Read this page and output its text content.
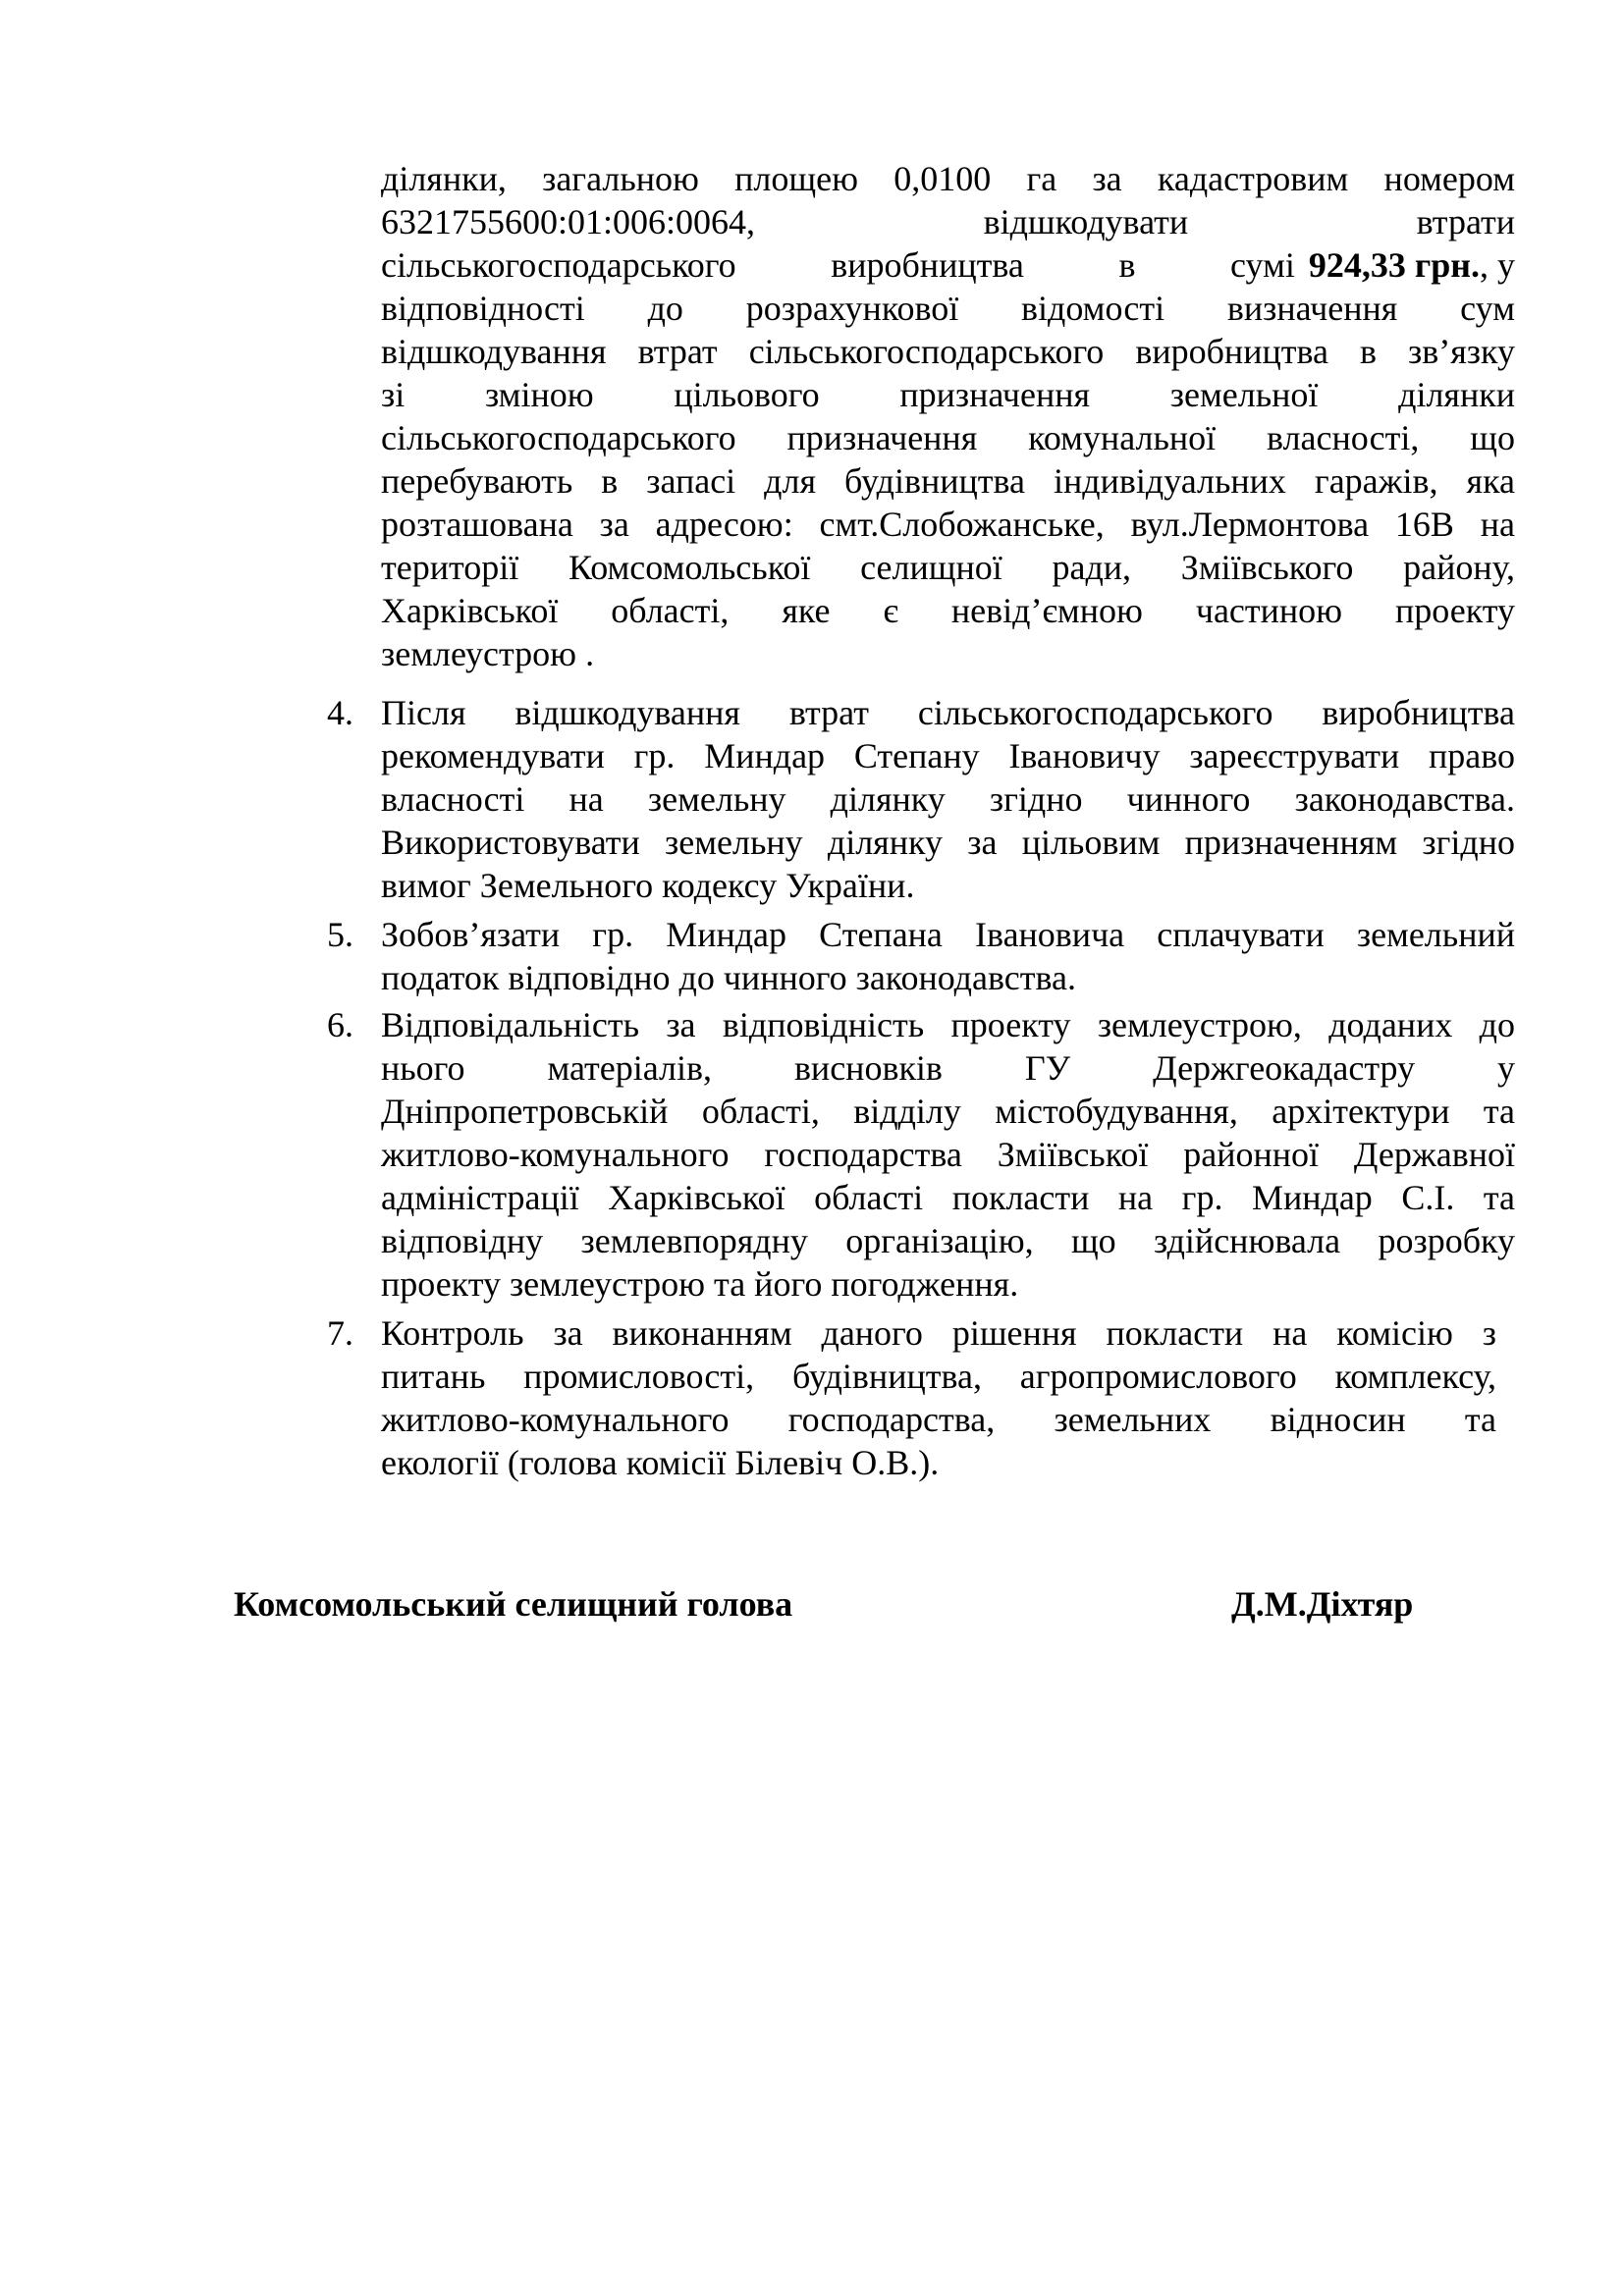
ділянки, загальною площею 0,0100 га за кадастровим номером
6321755600:01:006:0064, відшкодувати втрати
сільськогосподарського виробництва в сумі 924,33 грн., у
відповідності до розрахункової відомості визначення сум
відшкодування втрат сільськогосподарського виробництва в зв’язку
зі зміною цільового призначення земельної ділянки
сільськогосподарського призначення комунальної власності, що
перебувають в запасі для будівництва індивідуальних гаражів, яка
розташована за адресою: смт.Слобожанське, вул.Лермонтова 16В на
території Комсомольської селищної ради, Зміївського району,
Харківської області, яке є невід’ємною частиною проекту
землеустрою .
4. Після відшкодування втрат сільськогосподарського виробництва
рекомендувати гр. Миндар Степану Івановичу зареєструвати право
власності на земельну ділянку згідно чинного законодавства.
Використовувати земельну ділянку за цільовим призначенням згідно
вимог Земельного кодексу України.
5. Зобов’язати гр. Миндар Степана Івановича сплачувати земельний
податок відповідно до чинного законодавства.
6. Відповідальність за відповідність проекту землеустрою, доданих до
нього матеріалів, висновків ГУ Держгеокадастру у
Дніпропетровській області, відділу містобудування, архітектури та
житлово-комунального господарства Зміївської районної Державної
адміністрації Харківської області покласти на гр. Миндар С.І. та
відповідну землевпорядну організацію, що здійснювала розробку
проекту землеустрою та його погодження.
7. Контроль за виконанням даного рішення покласти на комісію з
питань промисловості, будівництва, агропромислового комплексу,
житлово-комунального господарства, земельних відносин та
екології (голова комісії Білевіч О.В.).
Комсомольський селищний голова	Д.М.Діхтяр
